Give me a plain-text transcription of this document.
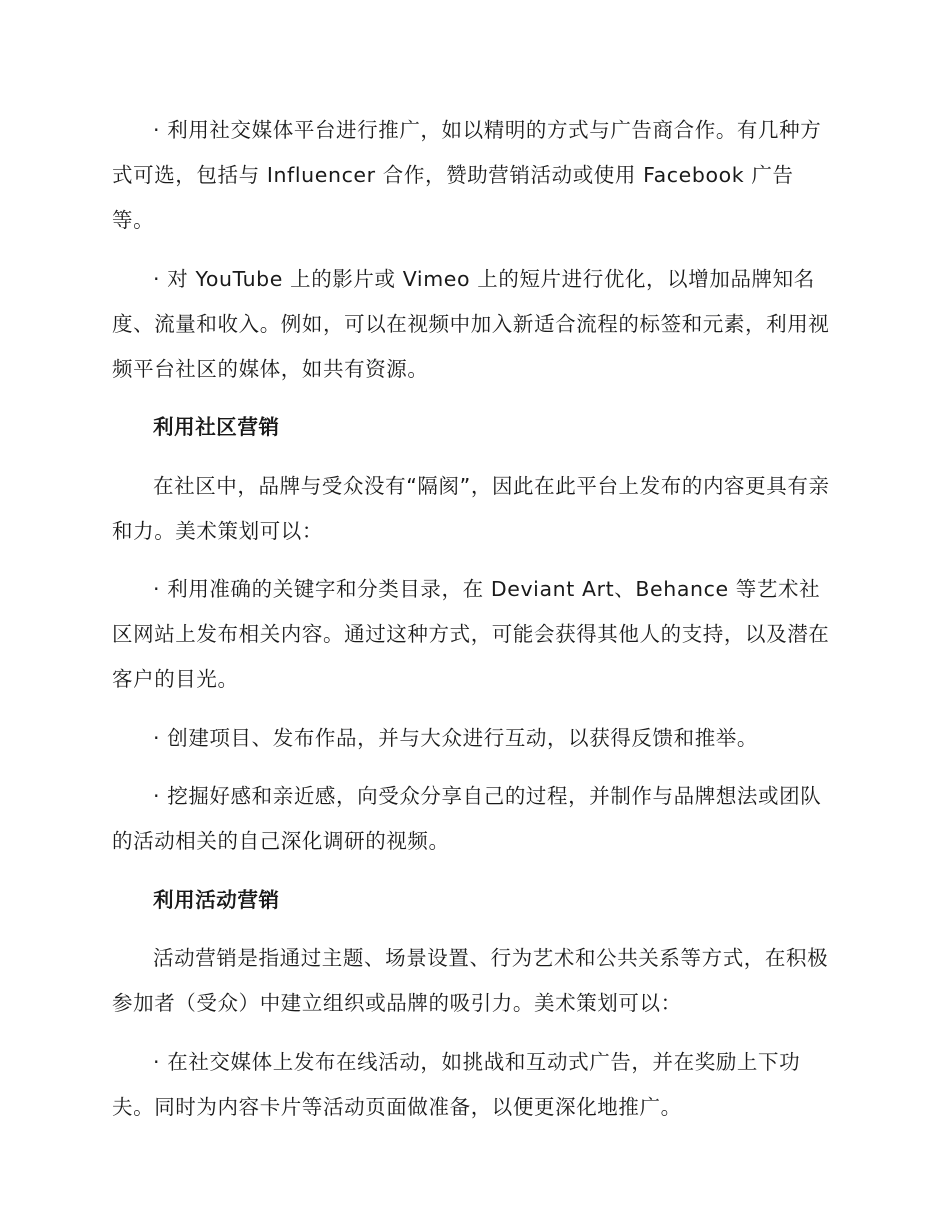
· 利用社交媒体平台进行推广，如以精明的方式与广告商合作。有几种方式可选，包括与 Influencer 合作，赞助营销活动或使用 Facebook 广告等。

· 对 YouTube 上的影片或 Vimeo 上的短片进行优化，以增加品牌知名度、流量和收入。例如，可以在视频中加入新适合流程的标签和元素，利用视频平台社区的媒体，如共有资源。

利用社区营销

在社区中，品牌与受众没有“隔阂”，因此在此平台上发布的内容更具有亲和力。美术策划可以：

· 利用准确的关键字和分类目录，在 Deviant Art、Behance 等艺术社区网站上发布相关内容。通过这种方式，可能会获得其他人的支持，以及潜在客户的目光。

· 创建项目、发布作品，并与大众进行互动，以获得反馈和推举。

· 挖掘好感和亲近感，向受众分享自己的过程，并制作与品牌想法或团队的活动相关的自己深化调研的视频。

利用活动营销

活动营销是指通过主题、场景设置、行为艺术和公共关系等方式，在积极参加者（受众）中建立组织或品牌的吸引力。美术策划可以：

· 在社交媒体上发布在线活动，如挑战和互动式广告，并在奖励上下功夫。同时为内容卡片等活动页面做准备，以便更深化地推广。
